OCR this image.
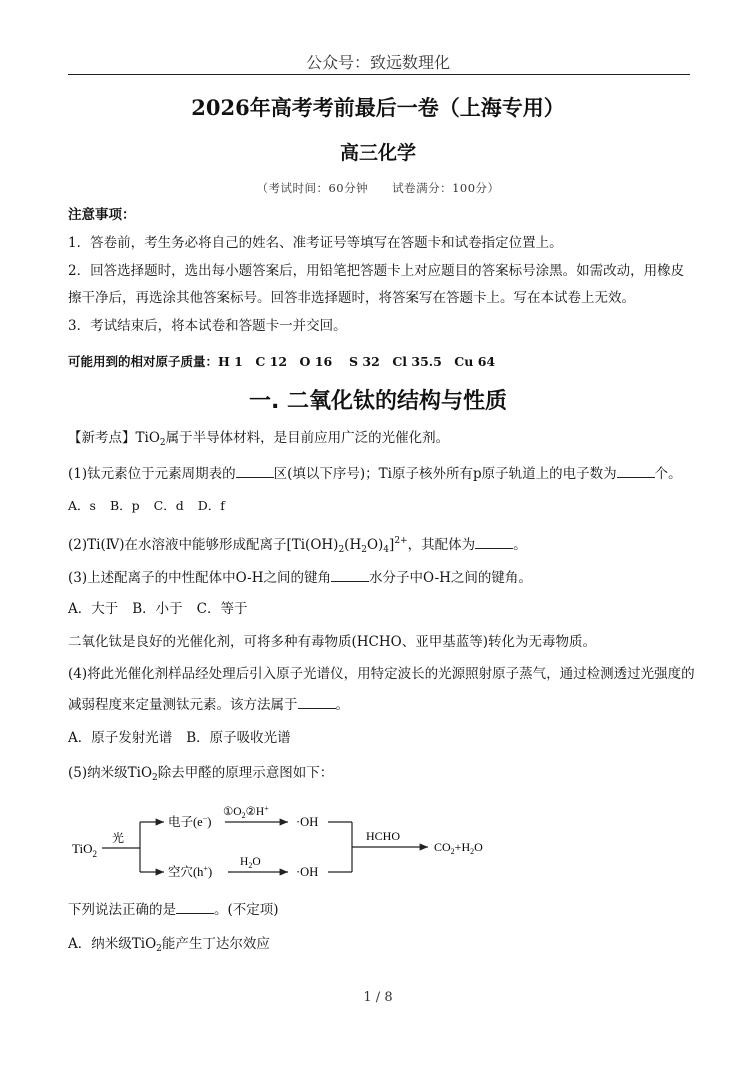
公众号：致远数理化
2026年高考考前最后一卷（上海专用）
高三化学
（考试时间：60分钟　　试卷满分：100分）
注意事项：
1．答卷前，考生务必将自己的姓名、准考证号等填写在答题卡和试卷指定位置上。
2．回答选择题时，选出每小题答案后，用铅笔把答题卡上对应题目的答案标号涂黑。如需改动，用橡皮
擦干净后，再选涂其他答案标号。回答非选择题时，将答案写在答题卡上。写在本试卷上无效。
3．考试结束后，将本试卷和答题卡一并交回。
可能用到的相对原子质量：H 1　C 12　O 16　 S 32　Cl 35.5　Cu 64
一. 二氧化钛的结构与性质
【新考点】TiO$_2$属于半导体材料，是目前应用广泛的光催化剂。
(1)钛元素位于元素周期表的	区(填以下序号)；Ti原子核外所有p原子轨道上的电子数为	个。
A．s B．p C．d D．f
(2)Ti(Ⅳ)在水溶液中能够形成配离子$[Ti(OH)_2(H_2O)_4]^{2+}$，其配体为	。
(3)上述配离子的中性配体中O-H之间的键角	水分子中O-H之间的键角。
A．大于 B．小于 C．等于
二氧化钛是良好的光催化剂，可将多种有毒物质(HCHO、亚甲基蓝等)转化为无毒物质。
(4)将此光催化剂样品经处理后引入原子光谱仪，用特定波长的光源照射原子蒸气，通过检测透过光强度的
减弱程度来定量测钛元素。该方法属于	。
A．原子发射光谱 B．原子吸收光谱
(5)纳米级TiO$_2$除去甲醛的原理示意图如下：
TiO$_2$
光
电子(e−)
$①O_2②H^+$
·OH
空穴(h+)
$H_2O$
·OH
HCHO
$CO_2+H_2O$
下列说法正确的是	。(不定项)
A．纳米级TiO$_2$能产生丁达尔效应
1 / 8
